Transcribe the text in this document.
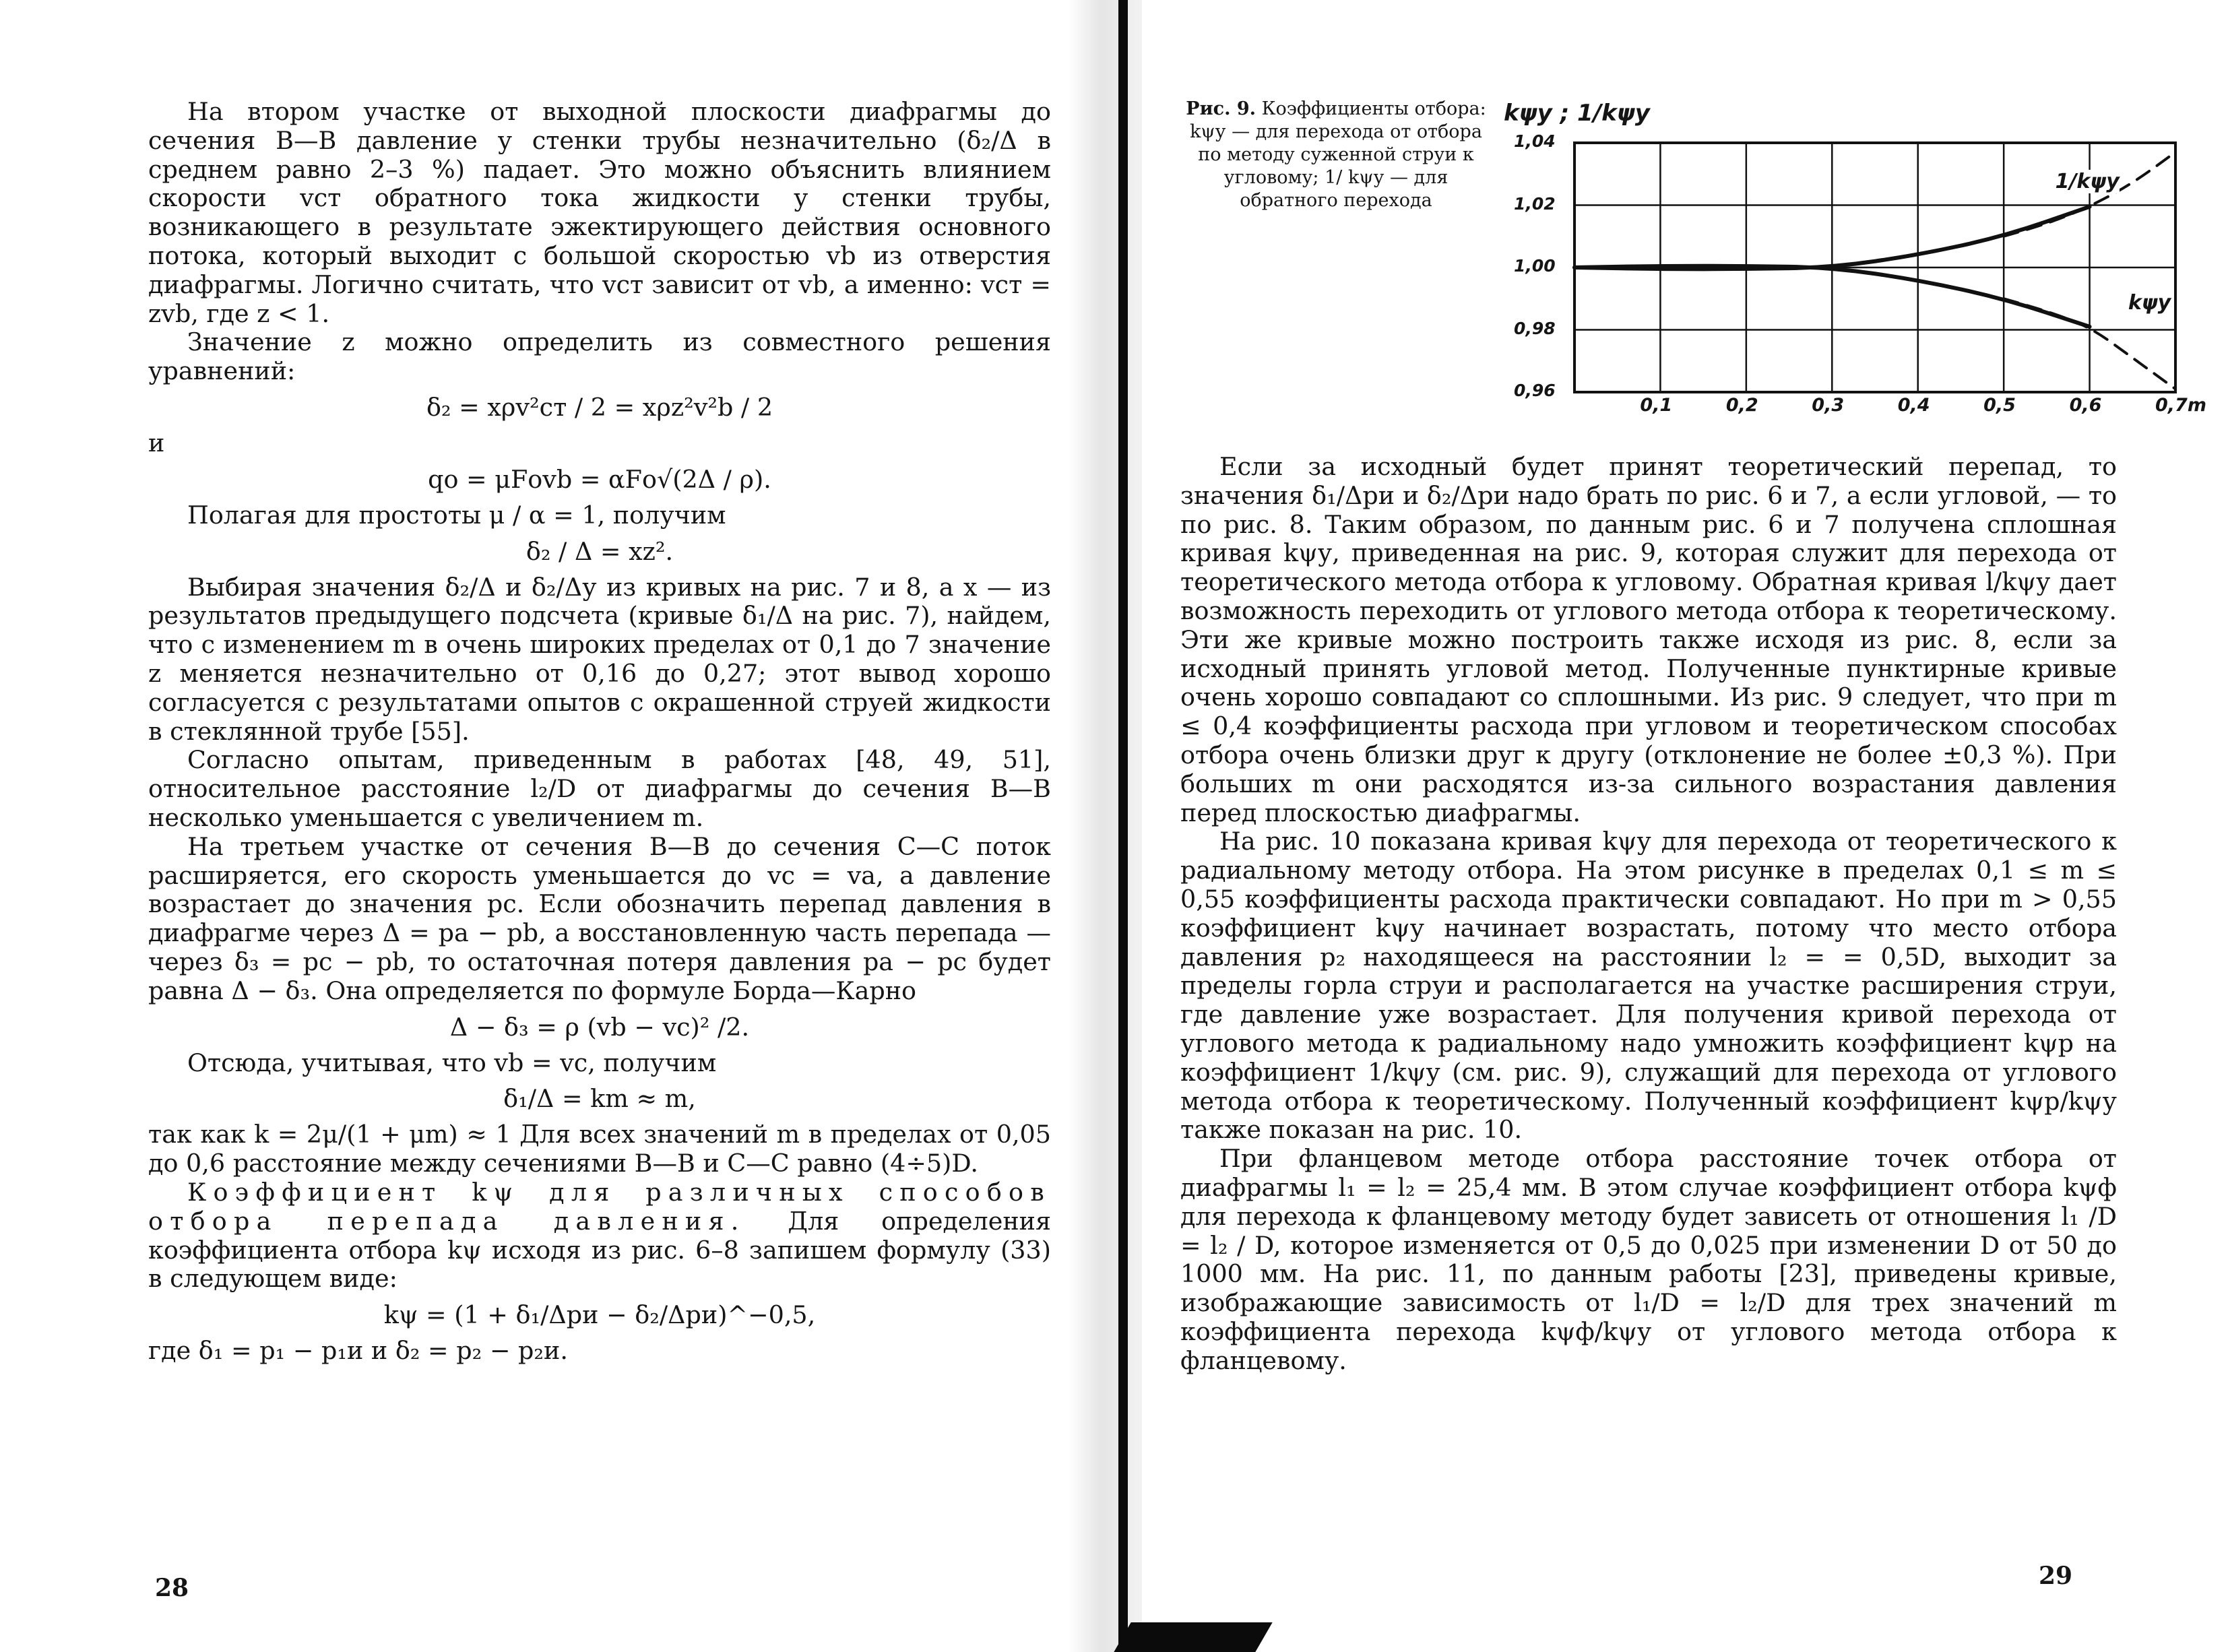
На втором участке от выходной плоскости диафрагмы до сечения B—B давление у стенки трубы незначительно (δ₂/Δ в среднем равно 2–3 %) падает. Это можно объяснить влиянием скорости vст обратного тока жидкости у стенки трубы, возникающего в результате эжектирующего действия основного потока, который выходит с большой скоростью vb из отверстия диафрагмы. Логично считать, что vст зависит от vb, а именно: vст = zvb, где z < 1.

Значение z можно определить из совместного решения уравнений:

δ₂ = xρv²ст / 2 = xρz²v²b / 2

и

qо = μFоvb = αFо√(2Δ / ρ).

Полагая для простоты μ / α = 1, получим

δ₂ / Δ = xz².

Выбирая значения δ₂/Δ и δ₂/Δу из кривых на рис. 7 и 8, а x — из результатов предыдущего подсчета (кривые δ₁/Δ на рис. 7), найдем, что с изменением m в очень широких пределах от 0,1 до 7 значение z меняется незначительно от 0,16 до 0,27; этот вывод хорошо согласуется с результатами опытов с окрашенной струей жидкости в стеклянной трубе [55].

Согласно опытам, приведенным в работах [48, 49, 51], относительное расстояние l₂/D от диафрагмы до сечения B—B несколько уменьшается с увеличением m.

На третьем участке от сечения B—B до сечения C—C поток расширяется, его скорость уменьшается до vc = va, а давление возрастает до значения pc. Если обозначить перепад давления в диафрагме через Δ = pa − pb, а восстановленную часть перепада — через δ₃ = pc − pb, то остаточная потеря давления pa − pc будет равна Δ − δ₃. Она определяется по формуле Борда—Карно

Δ − δ₃ = ρ (vb − vc)² /2.

Отсюда, учитывая, что vb = vc, получим

δ₁/Δ = km ≈ m,

так как k = 2μ/(1 + μm) ≈ 1 Для всех значений m в пределах от 0,05 до 0,6 расстояние между сечениями B—B и C—C равно (4÷5)D.

Коэффициент kψ для различных способов отбора перепада давления. Для определения коэффициента отбора kψ исходя из рис. 6–8 запишем формулу (33) в следующем виде:

kψ = (1 + δ₁/Δpи − δ₂/Δpи)^−0,5,

где δ₁ = p₁ − p₁и и δ₂ = p₂ − p₂и.

28
Рис. 9. Коэффициенты отбора: kψу — для перехода от отбора по методу суженной струи к угловому; 1/ kψу — для обратного перехода
kψу ; 1/kψу
0,96
0,98
1,00
1,02
1,04
0,1	0,2	0,3	0,4	0,5	0,6	0,7m
1/kψу
kψу

Если за исходный будет принят теоретический перепад, то значения δ₁/Δpи и δ₂/Δpи надо брать по рис. 6 и 7, а если угловой, — то по рис. 8. Таким образом, по данным рис. 6 и 7 получена сплошная кривая kψу, приведенная на рис. 9, которая служит для перехода от теоретического метода отбора к угловому. Обратная кривая l/kψу дает возможность переходить от углового метода отбора к теоретическому. Эти же кривые можно построить также исходя из рис. 8, если за исходный принять угловой метод. Полученные пунктирные кривые очень хорошо совпадают со сплошными. Из рис. 9 следует, что при m ≤ 0,4 коэффициенты расхода при угловом и теоретическом способах отбора очень близки друг к другу (отклонение не более ±0,3 %). При больших m они расходятся из-за сильного возрастания давления перед плоскостью диафрагмы.

На рис. 10 показана кривая kψу для перехода от теоретического к радиальному методу отбора. На этом рисунке в пределах 0,1 ≤ m ≤ 0,55 коэффициенты расхода практически совпадают. Но при m > 0,55 коэффициент kψу начинает возрастать, потому что место отбора давления p₂ находящееся на расстоянии l₂ = = 0,5D, выходит за пределы горла струи и располагается на участке расширения струи, где давление уже возрастает. Для получения кривой перехода от углового метода к радиальному надо умножить коэффициент kψр на коэффициент 1/kψу (см. рис. 9), служащий для перехода от углового метода отбора к теоретическому. Полученный коэффициент kψр/kψу также показан на рис. 10.

При фланцевом методе отбора расстояние точек отбора от диафрагмы l₁ = l₂ = 25,4 мм. В этом случае коэффициент отбора kψф для перехода к фланцевому методу будет зависеть от отношения l₁ /D = l₂ / D, которое изменяется от 0,5 до 0,025 при изменении D от 50 до 1000 мм. На рис. 11, по данным работы [23], приведены кривые, изображающие зависимость от l₁/D = l₂/D для трех значений m коэффициента перехода kψф/kψу от углового метода отбора к фланцевому.

29
